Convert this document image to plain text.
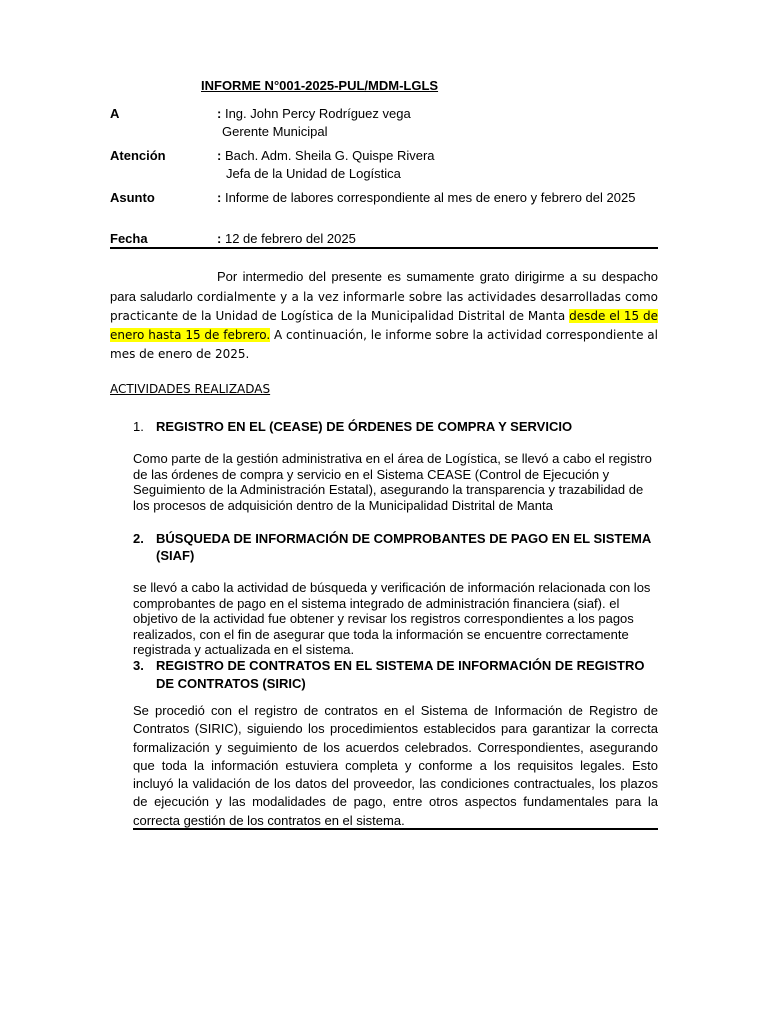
INFORME N°001-2025-PUL/MDM-LGLS
A	: Ing. John Percy Rodríguez vega
Gerente Municipal
Atención	: Bach. Adm. Sheila G. Quispe Rivera
Jefa de la Unidad de Logística
Asunto	: Informe de labores correspondiente al mes de enero y febrero del 2025
Fecha	: 12 de febrero del 2025
Por intermedio del presente es sumamente grato dirigirme a su despacho para saludarlo cordialmente y a la vez informarle sobre las actividades desarrolladas como practicante de la Unidad de Logística de la Municipalidad Distrital de Manta desde el 15 de enero hasta 15 de febrero. A continuación, le informe sobre la actividad correspondiente al mes de enero de 2025.
ACTIVIDADES REALIZADAS
1. REGISTRO EN EL (CEASE) DE ÓRDENES DE COMPRA Y SERVICIO
Como parte de la gestión administrativa en el área de Logística, se llevó a cabo el registro de las órdenes de compra y servicio en el Sistema CEASE (Control de Ejecución y Seguimiento de la Administración Estatal), asegurando la transparencia y trazabilidad de los procesos de adquisición dentro de la Municipalidad Distrital de Manta
2. BÚSQUEDA DE INFORMACIÓN DE COMPROBANTES DE PAGO EN EL SISTEMA (SIAF)
se llevó a cabo la actividad de búsqueda y verificación de información relacionada con los comprobantes de pago en el sistema integrado de administración financiera (siaf). el objetivo de la actividad fue obtener y revisar los registros correspondientes a los pagos realizados, con el fin de asegurar que toda la información se encuentre correctamente registrada y actualizada en el sistema.
3. REGISTRO DE CONTRATOS EN EL SISTEMA DE INFORMACIÓN DE REGISTRO DE CONTRATOS (SIRIC)
Se procedió con el registro de contratos en el Sistema de Información de Registro de Contratos (SIRIC), siguiendo los procedimientos establecidos para garantizar la correcta formalización y seguimiento de los acuerdos celebrados. Correspondientes, asegurando que toda la información estuviera completa y conforme a los requisitos legales. Esto incluyó la validación de los datos del proveedor, las condiciones contractuales, los plazos de ejecución y las modalidades de pago, entre otros aspectos fundamentales para la correcta gestión de los contratos en el sistema.
